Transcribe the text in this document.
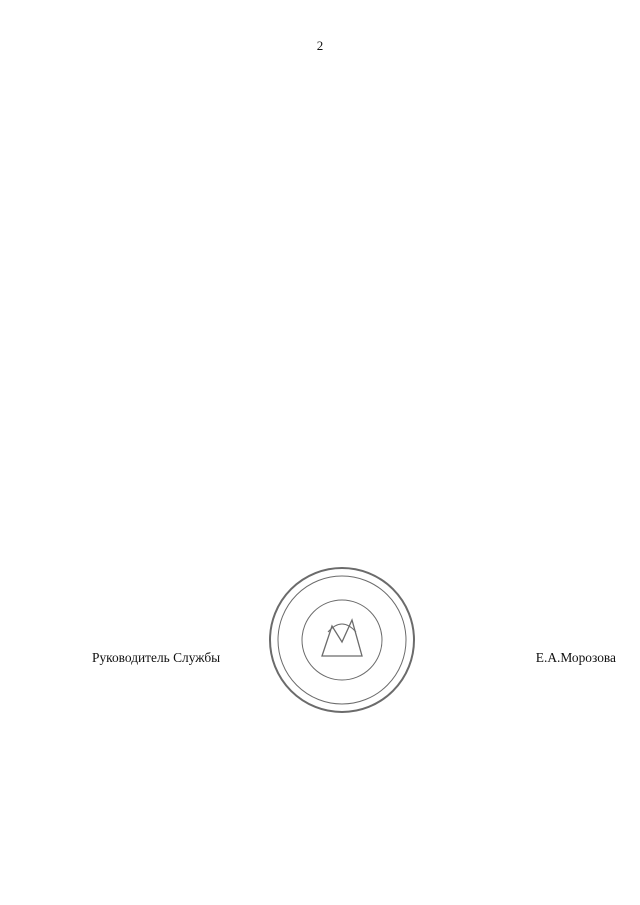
2
Руководитель Службы	Е.А.Морозова
